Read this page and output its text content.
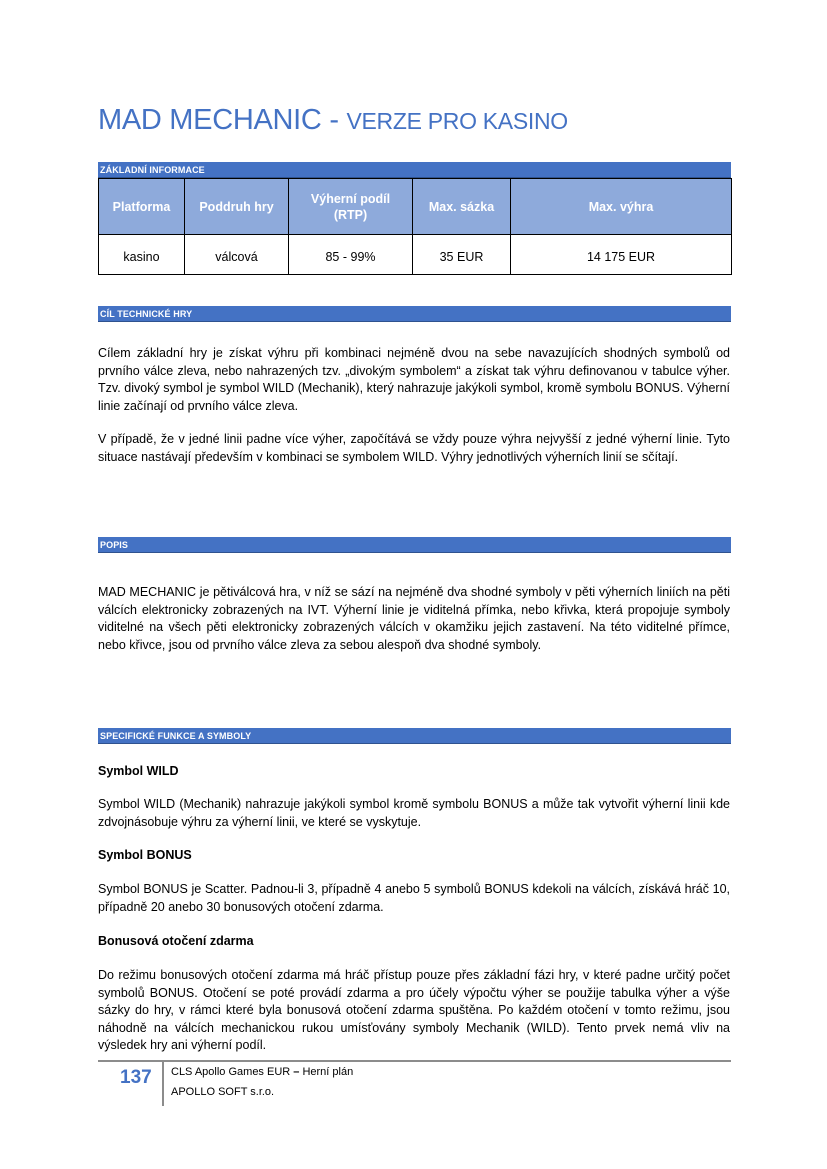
MAD MECHANIC - VERZE PRO KASINO
ZÁKLADNÍ INFORMACE
Platforma	Poddruh hry	Výherní podíl (RTP)	Max. sázka	Max. výhra
kasino	válcová	85 - 99%	35 EUR	14 175 EUR
CÍL TECHNICKÉ HRY

Cílem základní hry je získat výhru při kombinaci nejméně dvou na sebe navazujících shodných symbolů od prvního válce zleva, nebo nahrazených tzv. „divokým symbolem“ a získat tak výhru definovanou v tabulce výher. Tzv. divoký symbol je symbol WILD (Mechanik), který nahrazuje jakýkoli symbol, kromě symbolu BONUS. Výherní linie začínají od prvního válce zleva.

V případě, že v jedné linii padne více výher, započítává se vždy pouze výhra nejvyšší z jedné výherní linie. Tyto situace nastávají především v kombinaci se symbolem WILD. Výhry jednotlivých výherních linií se sčítají.

POPIS

MAD MECHANIC je pětiválcová hra, v níž se sází na nejméně dva shodné symboly v pěti výherních liniích na pěti válcích elektronicky zobrazených na IVT. Výherní linie je viditelná přímka, nebo křivka, která propojuje symboly viditelné na všech pěti elektronicky zobrazených válcích v okamžiku jejich zastavení. Na této viditelné přímce, nebo křivce, jsou od prvního válce zleva za sebou alespoň dva shodné symboly.

SPECIFICKÉ FUNKCE A SYMBOLY

Symbol WILD

Symbol WILD (Mechanik) nahrazuje jakýkoli symbol kromě symbolu BONUS a může tak vytvořit výherní linii kde zdvojnásobuje výhru za výherní linii, ve které se vyskytuje.

Symbol BONUS

Symbol BONUS je Scatter. Padnou-li 3, případně 4 anebo 5 symbolů BONUS kdekoli na válcích, získává hráč 10, případně 20 anebo 30 bonusových otočení zdarma.

Bonusová otočení zdarma

Do režimu bonusových otočení zdarma má hráč přístup pouze přes základní fázi hry, v které padne určitý počet symbolů BONUS. Otočení se poté provádí zdarma a pro účely výpočtu výher se použije tabulka výher a výše sázky do hry, v rámci které byla bonusová otočení zdarma spuštěna. Po každém otočení v tomto režimu, jsou náhodně na válcích mechanickou rukou umísťovány symboly Mechanik (WILD). Tento prvek nemá vliv na výsledek hry ani výherní podíl.

137 CLS Apollo Games EUR – Herní plán
APOLLO SOFT s.r.o.
